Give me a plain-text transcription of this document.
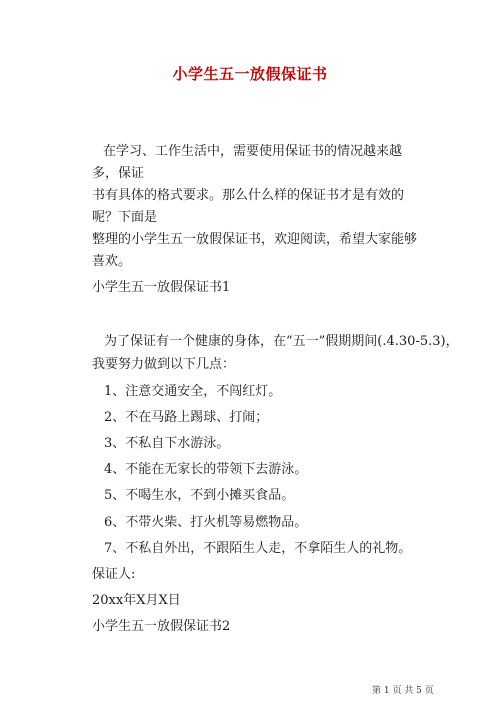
小学生五一放假保证书
在学习、工作生活中，需要使用保证书的情况越来越多，保证
书有具体的格式要求。那么什么样的保证书才是有效的呢？下面是
整理的小学生五一放假保证书，欢迎阅读，希望大家能够喜欢。
小学生五一放假保证书1
为了保证有一个健康的身体，在“五一”假期期间(.4.30-5.3)，
我要努力做到以下几点：
1、注意交通安全，不闯红灯。
2、不在马路上踢球、打闹；
3、不私自下水游泳。
4、不能在无家长的带领下去游泳。
5、不喝生水，不到小摊买食品。
6、不带火柴、打火机等易燃物品。
7、不私自外出，不跟陌生人走，不拿陌生人的礼物。
保证人:
20xx年X月X日
小学生五一放假保证书2
第 1 页 共 5 页
